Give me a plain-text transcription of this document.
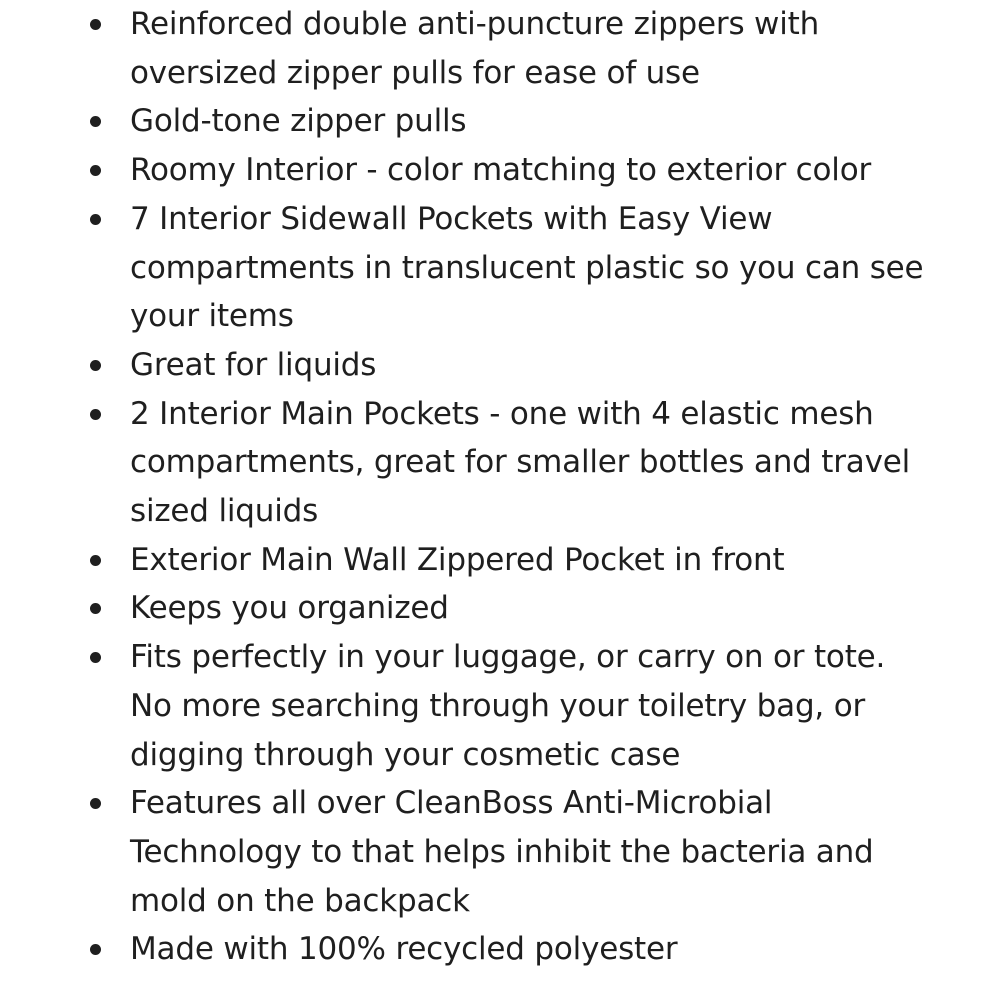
Reinforced double anti-puncture zippers with
oversized zipper pulls for ease of use
Gold-tone zipper pulls
Roomy Interior - color matching to exterior color
7 Interior Sidewall Pockets with Easy View
compartments in translucent plastic so you can see
your items
Great for liquids
2 Interior Main Pockets - one with 4 elastic mesh
compartments, great for smaller bottles and travel
sized liquids
Exterior Main Wall Zippered Pocket in front
Keeps you organized
Fits perfectly in your luggage, or carry on or tote.
No more searching through your toiletry bag, or
digging through your cosmetic case
Features all over CleanBoss Anti-Microbial
Technology to that helps inhibit the bacteria and
mold on the backpack
Made with 100% recycled polyester
